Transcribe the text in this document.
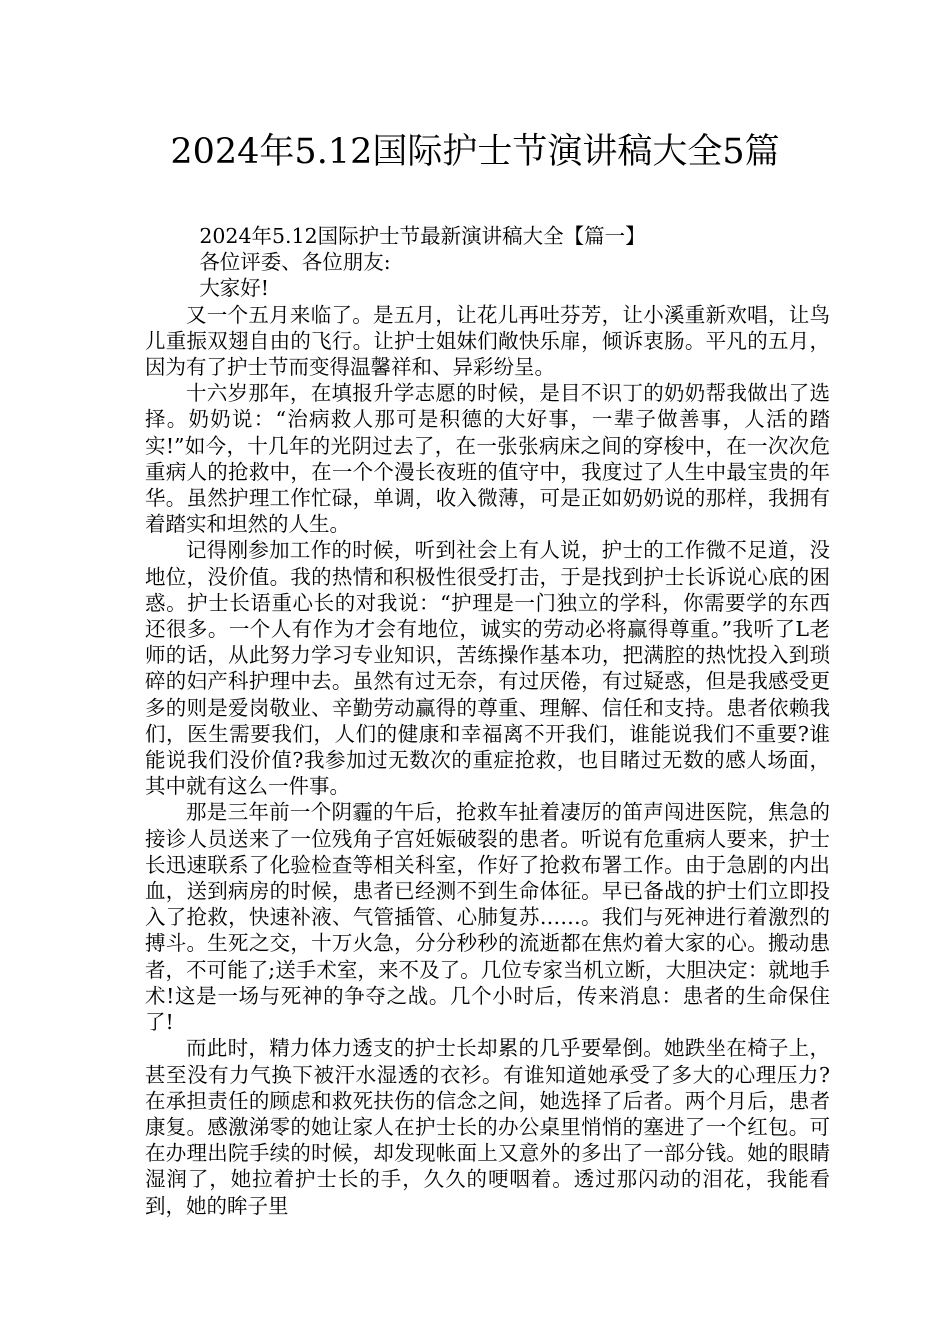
2024年5.12国际护士节演讲稿大全5篇

2024年5.12国际护士节最新演讲稿大全【篇一】

各位评委、各位朋友:

大家好!

又一个五月来临了。是五月，让花儿再吐芬芳，让小溪重新欢唱，让鸟儿重振双翅自由的飞行。让护士姐妹们敞快乐扉，倾诉衷肠。平凡的五月，因为有了护士节而变得温馨祥和、异彩纷呈。

十六岁那年，在填报升学志愿的时候，是目不识丁的奶奶帮我做出了选择。奶奶说：“治病救人那可是积德的大好事，一辈子做善事，人活的踏实!”如今，十几年的光阴过去了，在一张张病床之间的穿梭中，在一次次危重病人的抢救中，在一个个漫长夜班的值守中，我度过了人生中最宝贵的年华。虽然护理工作忙碌，单调，收入微薄，可是正如奶奶说的那样，我拥有着踏实和坦然的人生。

记得刚参加工作的时候，听到社会上有人说，护士的工作微不足道，没地位，没价值。我的热情和积极性很受打击，于是找到护士长诉说心底的困惑。护士长语重心长的对我说：“护理是一门独立的学科，你需要学的东西还很多。一个人有作为才会有地位，诚实的劳动必将赢得尊重。”我听了L老师的话，从此努力学习专业知识，苦练操作基本功，把满腔的热忱投入到琐碎的妇产科护理中去。虽然有过无奈，有过厌倦，有过疑惑，但是我感受更多的则是爱岗敬业、辛勤劳动赢得的尊重、理解、信任和支持。患者依赖我们，医生需要我们，人们的健康和幸福离不开我们，谁能说我们不重要?谁能说我们没价值?我参加过无数次的重症抢救，也目睹过无数的感人场面，其中就有这么一件事。

那是三年前一个阴霾的午后，抢救车扯着凄厉的笛声闯进医院，焦急的接诊人员送来了一位残角子宫妊娠破裂的患者。听说有危重病人要来，护士长迅速联系了化验检查等相关科室，作好了抢救布署工作。由于急剧的内出血，送到病房的时候，患者已经测不到生命体征。早已备战的护士们立即投入了抢救，快速补液、气管插管、心肺复苏……。我们与死神进行着激烈的搏斗。生死之交，十万火急，分分秒秒的流逝都在焦灼着大家的心。搬动患者，不可能了;送手术室，来不及了。几位专家当机立断，大胆决定：就地手术!这是一场与死神的争夺之战。几个小时后，传来消息：患者的生命保住了!

而此时，精力体力透支的护士长却累的几乎要晕倒。她跌坐在椅子上，甚至没有力气换下被汗水湿透的衣衫。有谁知道她承受了多大的心理压力?在承担责任的顾虑和救死扶伤的信念之间，她选择了后者。两个月后，患者康复。感激涕零的她让家人在护士长的办公桌里悄悄的塞进了一个红包。可在办理出院手续的时候，却发现帐面上又意外的多出了一部分钱。她的眼睛湿润了，她拉着护士长的手，久久的哽咽着。透过那闪动的泪花，我能看到，她的眸子里
